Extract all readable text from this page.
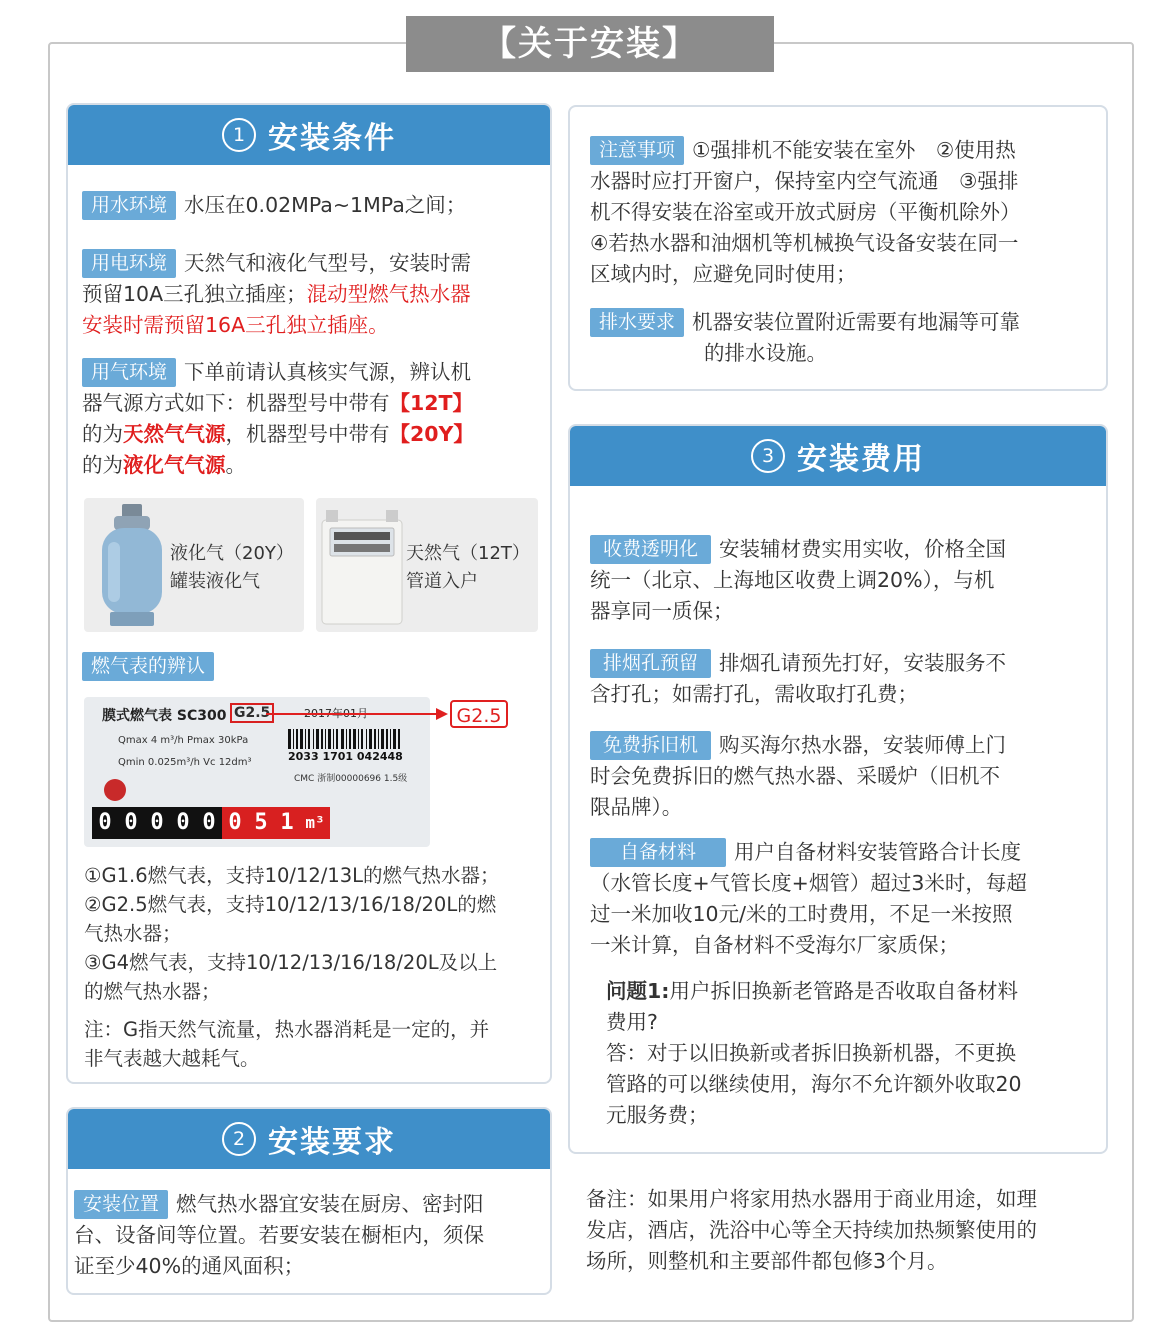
【关于安装】
1 安装条件
用水环境 水压在0.02MPa~1MPa之间；
用电环境 天然气和液化气型号，安装时需
预留10A三孔独立插座；混动型燃气热水器
安装时需预留16A三孔独立插座。
用气环境 下单前请认真核实气源，辨认机
器气源方式如下：机器型号中带有【12T】
的为天然气气源，机器型号中带有【20Y】
的为液化气气源。
液化气（20Y）
罐装液化气
天然气（12T）
管道入户
燃气表的辨认
膜式燃气表 SC300 G2.5	2017年01月
Qmax 4 m³/h Pmax 30kPa
Qmin 0.025m³/h Vc 12dm³	2033 1701 042448
CMC 浙制00000696 1.5级
0 0 0 0 0 0 5 1 m³
G2.5
①G1.6燃气表，支持10/12/13L的燃气热水器；
②G2.5燃气表，支持10/12/13/16/18/20L的燃
气热水器；
③G4燃气表，支持10/12/13/16/18/20L及以上
的燃气热水器；
注：G指天然气流量，热水器消耗是一定的，并
非气表越大越耗气。
2 安装要求
安装位置 燃气热水器宜安装在厨房、密封阳
台、设备间等位置。若要安装在橱柜内，须保
证至少40%的通风面积；
注意事项 ①强排机不能安装在室外　②使用热
水器时应打开窗户，保持室内空气流通　③强排
机不得安装在浴室或开放式厨房（平衡机除外）
④若热水器和油烟机等机械换气设备安装在同一
区域内时，应避免同时使用；
排水要求 机器安装位置附近需要有地漏等可靠
的排水设施。
3 安装费用
收费透明化 安装辅材费实用实收，价格全国
统一（北京、上海地区收费上调20%），与机
器享同一质保；
排烟孔预留 排烟孔请预先打好，安装服务不
含打孔；如需打孔，需收取打孔费；
免费拆旧机 购买海尔热水器，安装师傅上门
时会免费拆旧的燃气热水器、采暖炉（旧机不
限品牌）。
自备材料 用户自备材料安装管路合计长度
（水管长度+气管长度+烟管）超过3米时，每超
过一米加收10元/米的工时费用，不足一米按照
一米计算，自备材料不受海尔厂家质保；
问题1:用户拆旧换新老管路是否收取自备材料
费用?
答：对于以旧换新或者拆旧换新机器，不更换
管路的可以继续使用，海尔不允许额外收取20
元服务费；
备注：如果用户将家用热水器用于商业用途，如理
发店，酒店，洗浴中心等全天持续加热频繁使用的
场所，则整机和主要部件都包修3个月。
